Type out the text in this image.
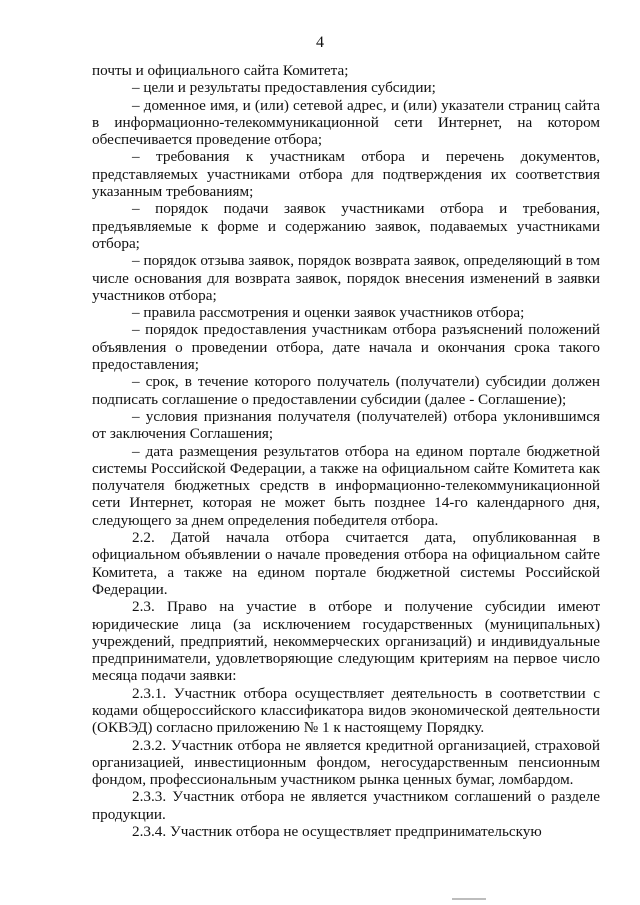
4

почты и официального сайта Комитета;

– цели и результаты предоставления субсидии;

– доменное имя, и (или) сетевой адрес, и (или) указатели страниц сайта в информационно-телекоммуникационной сети Интернет, на котором обеспечивается проведение отбора;

– требования к участникам отбора и перечень документов, представляемых участниками отбора для подтверждения их соответствия указанным требованиям;

– порядок подачи заявок участниками отбора и требования, предъявляемые к форме и содержанию заявок, подаваемых участниками отбора;

– порядок отзыва заявок, порядок возврата заявок, определяющий в том числе основания для возврата заявок, порядок внесения изменений в заявки участников отбора;

– правила рассмотрения и оценки заявок участников отбора;

– порядок предоставления участникам отбора разъяснений положений объявления о проведении отбора, дате начала и окончания срока такого предоставления;

– срок, в течение которого получатель (получатели) субсидии должен подписать соглашение о предоставлении субсидии (далее - Соглашение);

– условия признания получателя (получателей) отбора уклонившимся от заключения Соглашения;

– дата размещения результатов отбора на едином портале бюджетной системы Российской Федерации, а также на официальном сайте Комитета как получателя бюджетных средств в информационно-телекоммуникационной сети Интернет, которая не может быть позднее 14-го календарного дня, следующего за днем определения победителя отбора.

2.2. Датой начала отбора считается дата, опубликованная в официальном объявлении о начале проведения отбора на официальном сайте Комитета, а также на едином портале бюджетной системы Российской Федерации.

2.3. Право на участие в отборе и получение субсидии имеют юридические лица (за исключением государственных (муниципальных) учреждений, предприятий, некоммерческих организаций) и индивидуальные предприниматели, удовлетворяющие следующим критериям на первое число месяца подачи заявки:

2.3.1. Участник отбора осуществляет деятельность в соответствии с кодами общероссийского классификатора видов экономической деятельности (ОКВЭД) согласно приложению № 1 к настоящему Порядку.

2.3.2. Участник отбора не является кредитной организацией, страховой организацией, инвестиционным фондом, негосударственным пенсионным фондом, профессиональным участником рынка ценных бумаг, ломбардом.

2.3.3. Участник отбора не является участником соглашений о разделе продукции.

2.3.4. Участник отбора не осуществляет предпринимательскую
